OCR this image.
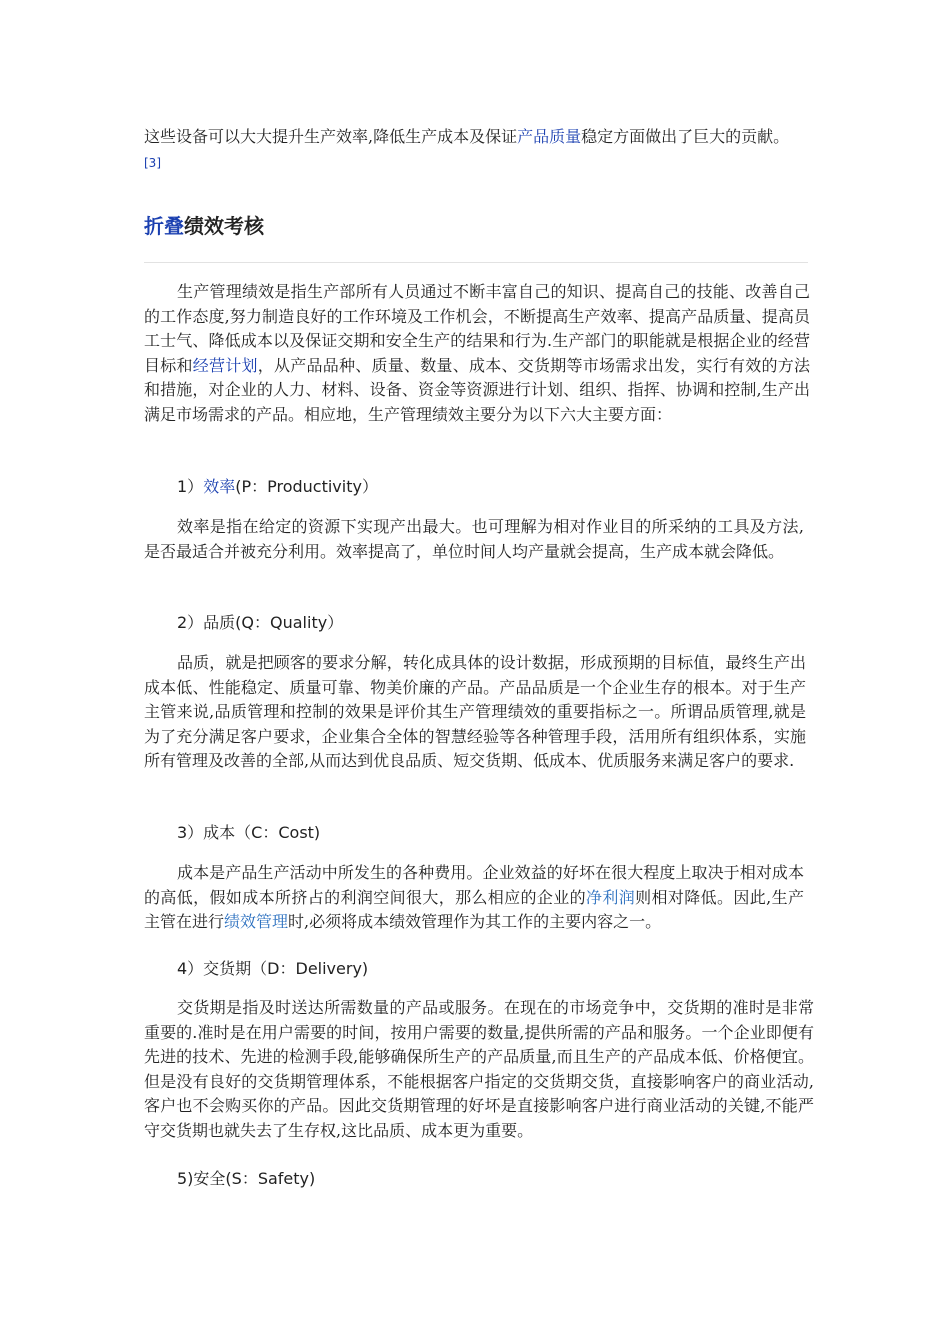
这些设备可以大大提升生产效率,降低生产成本及保证产品质量稳定方面做出了巨大的贡献。
[3]

折叠绩效考核

生产管理绩效是指生产部所有人员通过不断丰富自己的知识、提高自己的技能、改善自己的工作态度,努力制造良好的工作环境及工作机会，不断提高生产效率、提高产品质量、提高员工士气、降低成本以及保证交期和安全生产的结果和行为.生产部门的职能就是根据企业的经营目标和经营计划，从产品品种、质量、数量、成本、交货期等市场需求出发，实行有效的方法和措施，对企业的人力、材料、设备、资金等资源进行计划、组织、指挥、协调和控制,生产出满足市场需求的产品。相应地，生产管理绩效主要分为以下六大主要方面：

1）效率(P：Productivity）

效率是指在给定的资源下实现产出最大。也可理解为相对作业目的所采纳的工具及方法,是否最适合并被充分利用。效率提高了，单位时间人均产量就会提高，生产成本就会降低。

2）品质(Q：Quality）

品质，就是把顾客的要求分解，转化成具体的设计数据，形成预期的目标值，最终生产出成本低、性能稳定、质量可靠、物美价廉的产品。产品品质是一个企业生存的根本。对于生产主管来说,品质管理和控制的效果是评价其生产管理绩效的重要指标之一。所谓品质管理,就是为了充分满足客户要求，企业集合全体的智慧经验等各种管理手段，活用所有组织体系，实施所有管理及改善的全部,从而达到优良品质、短交货期、低成本、优质服务来满足客户的要求.

3）成本（C：Cost)

成本是产品生产活动中所发生的各种费用。企业效益的好坏在很大程度上取决于相对成本的高低，假如成本所挤占的利润空间很大，那么相应的企业的净利润则相对降低。因此,生产主管在进行绩效管理时,必须将成本绩效管理作为其工作的主要内容之一。

4）交货期（D：Delivery)

交货期是指及时送达所需数量的产品或服务。在现在的市场竞争中，交货期的准时是非常重要的.准时是在用户需要的时间，按用户需要的数量,提供所需的产品和服务。一个企业即便有先进的技术、先进的检测手段,能够确保所生产的产品质量,而且生产的产品成本低、价格便宜。但是没有良好的交货期管理体系，不能根据客户指定的交货期交货，直接影响客户的商业活动,客户也不会购买你的产品。因此交货期管理的好坏是直接影响客户进行商业活动的关键,不能严守交货期也就失去了生存权,这比品质、成本更为重要。

5)安全(S：Safety)
